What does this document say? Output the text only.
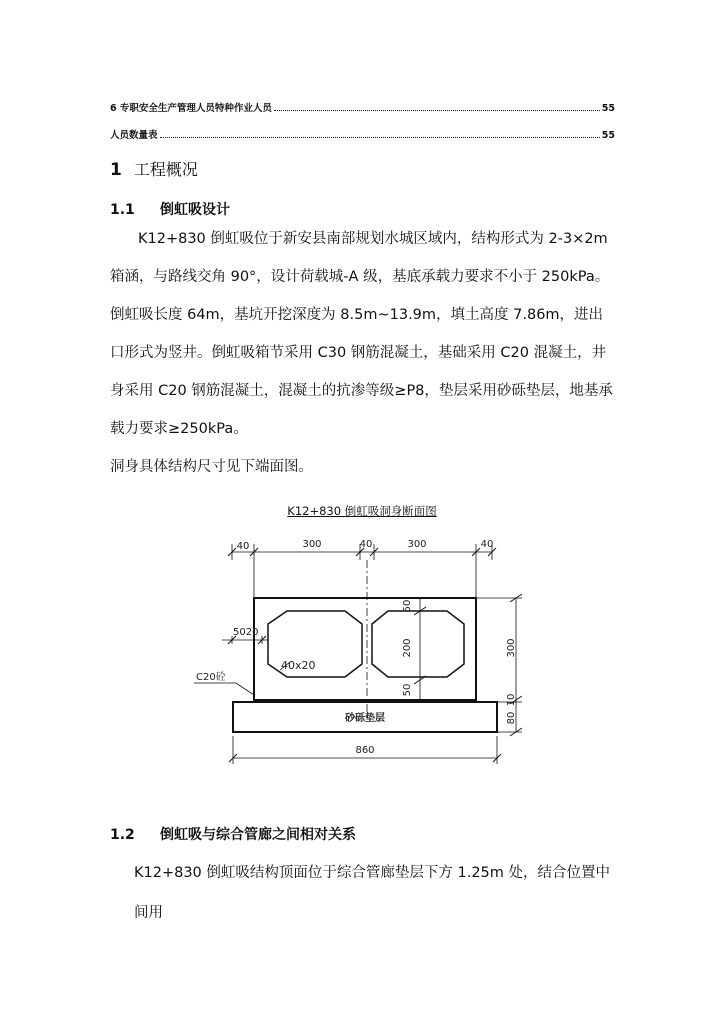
6 专职安全生产管理人员特种作业人员	55
人员数量表	55
1 工程概况
1.1 倒虹吸设计
K12+830 倒虹吸位于新安县南部规划水城区域内，结构形式为 2-3×2m
箱涵，与路线交角 90°，设计荷载城-A 级，基底承载力要求不小于 250kPa。
倒虹吸长度 64m，基坑开挖深度为 8.5m~13.9m，填土高度 7.86m，进出
口形式为竖井。倒虹吸箱节采用 C30 钢筋混凝土，基础采用 C20 混凝土，井
身采用 C20 钢筋混凝土，混凝土的抗渗等级≥P8，垫层采用砂砾垫层，地基承
载力要求≥250kPa。
洞身具体结构尺寸见下端面图。
K12+830 倒虹吸洞身断面图
40	300	40	300	40
50
200
50
300
80
10
5020
40x20
C20砼
砂砾垫层
860
1.2 倒虹吸与综合管廊之间相对关系
K12+830 倒虹吸结构顶面位于综合管廊垫层下方 1.25m 处，结合位置中
间用
